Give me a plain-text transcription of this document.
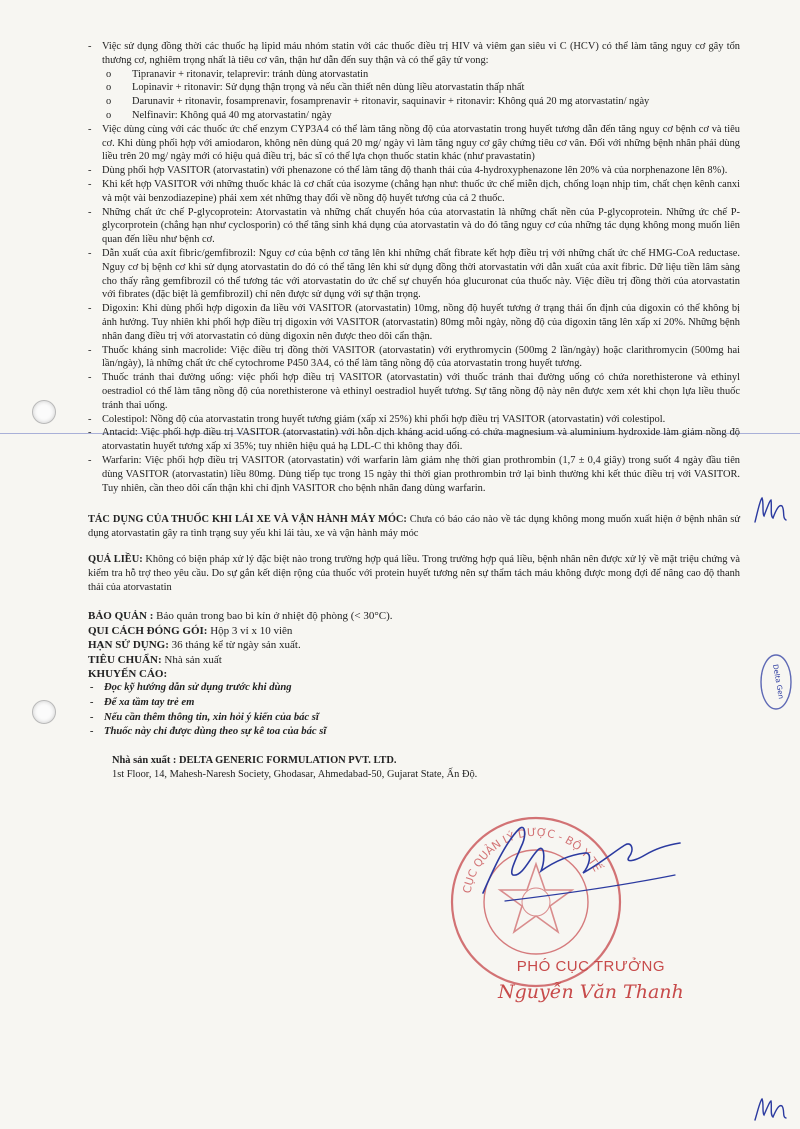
-	Việc sử dụng đồng thời các thuốc hạ lipid máu nhóm statin với các thuốc điều trị HIV và viêm gan siêu vi C (HCV) có thể làm tăng nguy cơ gây tổn thương cơ, nghiêm trọng nhất là tiêu cơ vân, thận hư dẫn đến suy thận và có thể gây tử vong:
o	Tipranavir + ritonavir, telaprevir: tránh dùng atorvastatin
o	Lopinavir + ritonavir: Sử dụng thận trọng và nếu cần thiết nên dùng liều atorvastatin thấp nhất
o	Darunavir + ritonavir, fosamprenavir, fosamprenavir + ritonavir, saquinavir + ritonavir: Không quá 20 mg atorvastatin/ ngày
o	Nelfinavir: Không quá 40 mg atorvastatin/ ngày
-	Việc dùng cùng với các thuốc ức chế enzym CYP3A4 có thể làm tăng nồng độ của atorvastatin trong huyết tương dẫn đến tăng nguy cơ bệnh cơ và tiêu cơ. Khi dùng phối hợp với amiodaron, không nên dùng quá 20 mg/ ngày vì làm tăng nguy cơ gây chứng tiêu cơ vân. Đối với những bệnh nhân phải dùng liều trên 20 mg/ ngày mới có hiệu quả điều trị, bác sĩ có thể lựa chọn thuốc statin khác (như pravastatin)
-	Dùng phối hợp VASITOR (atorvastatin) với phenazone có thể làm tăng độ thanh thải của 4-hydroxyphenazone lên 20% và của norphenazone lên 8%).
-	Khi kết hợp VASITOR với những thuốc khác là cơ chất của isozyme (chẳng hạn như: thuốc ức chế miễn dịch, chống loạn nhịp tim, chất chẹn kênh canxi và một vài benzodiazepine) phải xem xét những thay đổi về nồng độ huyết tương của cả 2 thuốc.
-	Những chất ức chế P-glycoprotein: Atorvastatin và những chất chuyển hóa của atorvastatin là những chất nền của P-glycoprotein. Những ức chế P-glycorprotein (chẳng hạn như cyclosporin) có thể tăng sinh khả dụng của atorvastatin và do đó tăng nguy cơ của những tác dụng không mong muốn liên quan đến liều như bệnh cơ.
-	Dẫn xuất của axít fibric/gemfibrozil: Nguy cơ của bệnh cơ tăng lên khi những chất fibrate kết hợp điều trị với những chất ức chế HMG-CoA reductase. Nguy cơ bị bệnh cơ khi sử dụng atorvastatin do đó có thể tăng lên khi sử dụng đồng thời atorvastatin với dẫn xuất của axít fibric. Dữ liệu tiền lâm sàng cho thấy rằng gemfibrozil có thể tương tác với atorvastatin do ức chế sự chuyển hóa glucuronat của thuốc này. Việc điều trị đồng thời của atorvastatin với fibrates (đặc biệt là gemfibrozil) chỉ nên được sử dụng với sự thận trọng.
-	Digoxin: Khi dùng phối hợp digoxin đa liều với VASITOR (atorvastatin) 10mg, nồng độ huyết tương ở trạng thái ổn định của digoxin có thể không bị ảnh hưởng. Tuy nhiên khi phối hợp điều trị digoxin với VASITOR (atorvastatin) 80mg mỗi ngày, nồng độ của digoxin tăng lên xấp xỉ 20%. Những bệnh nhân đang điều trị với atorvastatin có dùng digoxin nên được theo dõi cẩn thận.
-	Thuốc kháng sinh macrolide: Việc điều trị đồng thời VASITOR (atorvastatin) với erythromycin (500mg 2 lần/ngày) hoặc clarithromycin (500mg hai lần/ngày), là những chất ức chế cytochrome P450 3A4, có thể làm tăng nồng độ của atorvastatin trong huyết tương.
-	Thuốc tránh thai đường uống: việc phối hợp điều trị VASITOR (atorvastatin) với thuốc tránh thai đường uống có chứa norethisterone và ethinyl oestradiol có thể làm tăng nồng độ của norethisterone và ethinyl oestradiol huyết tương. Sự tăng nồng độ này nên được xem xét khi chọn lựa liều thuốc tránh thai uống.
-	Colestipol: Nồng độ của atorvastatin trong huyết tương giảm (xấp xỉ 25%) khi phối hợp điều trị VASITOR (atorvastatin) với colestipol.
-	Antacid: Việc phối hợp điều trị VASITOR (atorvastatin) với hỗn dịch kháng acid uống có chứa magnesium và aluminium hydroxide làm giảm nồng độ atorvastatin huyết tương xấp xỉ 35%; tuy nhiên hiệu quả hạ LDL-C thì không thay đổi.
-	Warfarin: Việc phối hợp điều trị VASITOR (atorvastatin) với warfarin làm giảm nhẹ thời gian prothrombin (1,7 ± 0,4 giây) trong suốt 4 ngày đầu tiên dùng VASITOR (atorvastatin) liều 80mg. Dùng tiếp tục trong 15 ngày thì thời gian prothrombin trở lại bình thường khi kết thúc điều trị với VASITOR. Tuy nhiên, cần theo dõi cẩn thận khi chỉ định VASITOR cho bệnh nhân đang dùng warfarin.
TÁC DỤNG CỦA THUỐC KHI LÁI XE VÀ VẬN HÀNH MÁY MÓC: Chưa có báo cáo nào về tác dụng không mong muốn xuất hiện ở bệnh nhân sử dụng atorvastatin gây ra tình trạng suy yếu khi lái tàu, xe và vận hành máy móc
QUÁ LIỀU: Không có biện pháp xử lý đặc biệt nào trong trường hợp quá liều. Trong trường hợp quá liều, bệnh nhân nên được xử lý về mặt triệu chứng và kiểm tra hỗ trợ theo yêu cầu. Do sự gắn kết diện rộng của thuốc với protein huyết tương nên sự thẩm tách máu không được mong đợi để nâng cao độ thanh thải của atorvastatin
BẢO QUẢN : Bảo quản trong bao bì kín ở nhiệt độ phòng (< 30°C).
QUI CÁCH ĐÓNG GÓI: Hộp 3 vỉ x 10 viên
HẠN SỬ DỤNG: 36 tháng kể từ ngày sản xuất.
TIÊU CHUẨN: Nhà sản xuất
KHUYẾN CÁO:
- Đọc kỹ hướng dẫn sử dụng trước khi dùng
- Để xa tầm tay trẻ em
- Nếu cần thêm thông tin, xin hỏi ý kiến của bác sĩ
- Thuốc này chỉ được dùng theo sự kê toa của bác sĩ
Nhà sản xuất : DELTA GENERIC FORMULATION PVT. LTD.
1st Floor, 14, Mahesh-Naresh Society, Ghodasar, Ahmedabad-50, Gujarat State, Ấn Độ.
CỤC QUẢN LÝ DƯỢC - BỘ Y TẾ
Delta Gen
PHÓ CỤC TRƯỞNG
Nguyễn Văn Thanh
